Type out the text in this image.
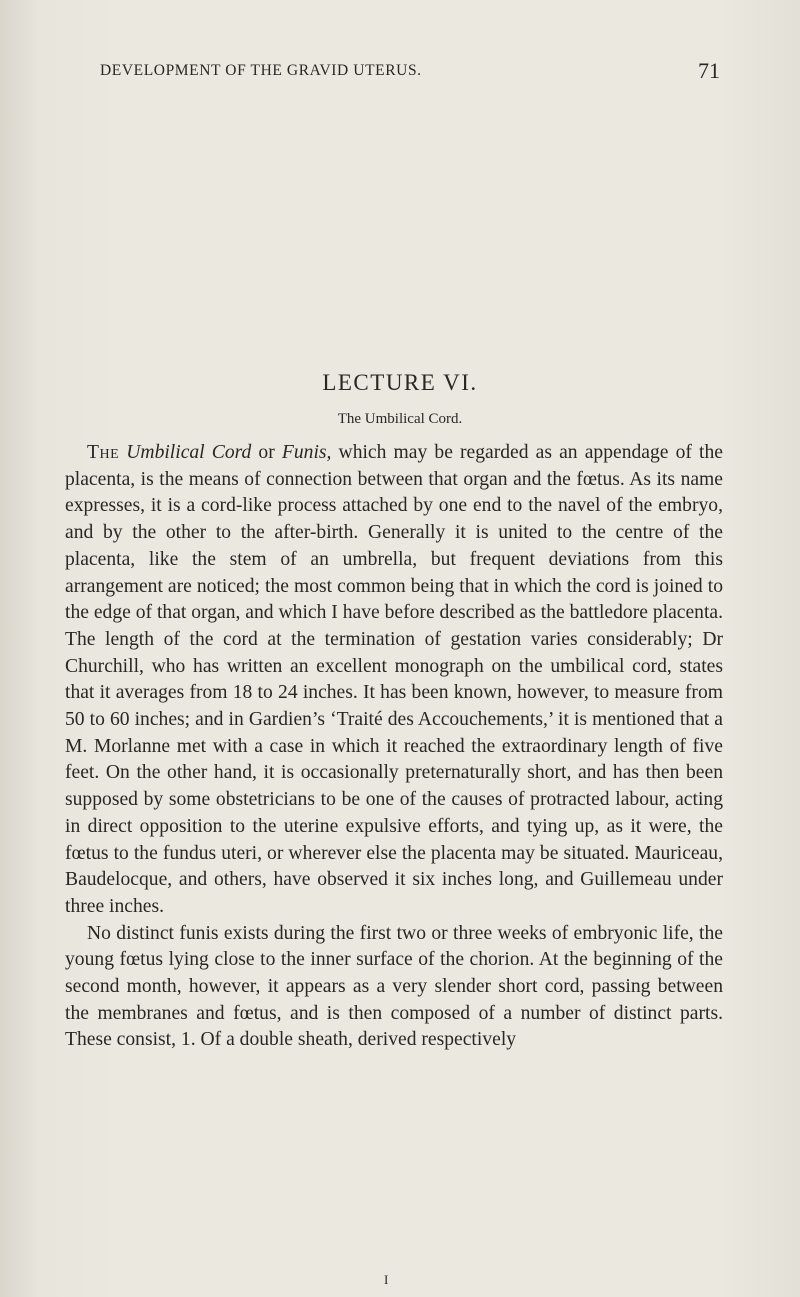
DEVELOPMENT OF THE GRAVID UTERUS.	71
LECTURE VI.
The Umbilical Cord.

The Umbilical Cord or Funis, which may be regarded as an appendage of the placenta, is the means of connection between that organ and the fœtus. As its name expresses, it is a cord-like process attached by one end to the navel of the embryo, and by the other to the after-birth. Generally it is united to the centre of the placenta, like the stem of an umbrella, but frequent deviations from this arrangement are noticed; the most common being that in which the cord is joined to the edge of that organ, and which I have before described as the battledore placenta. The length of the cord at the termination of gestation varies considerably; Dr Churchill, who has written an excellent monograph on the umbilical cord, states that it averages from 18 to 24 inches. It has been known, however, to measure from 50 to 60 inches; and in Gardien’s ‘Traité des Accouchements,’ it is mentioned that a M. Morlanne met with a case in which it reached the extraordinary length of five feet. On the other hand, it is occasionally preternaturally short, and has then been supposed by some obstetricians to be one of the causes of protracted labour, acting in direct opposition to the uterine expulsive efforts, and tying up, as it were, the fœtus to the fundus uteri, or wherever else the placenta may be situated. Mauriceau, Baudelocque, and others, have observed it six inches long, and Guillemeau under three inches.

No distinct funis exists during the first two or three weeks of embryonic life, the young fœtus lying close to the inner surface of the chorion. At the beginning of the second month, however, it appears as a very slender short cord, passing between the membranes and fœtus, and is then composed of a number of distinct parts. These consist, 1. Of a double sheath, derived respectively

I
